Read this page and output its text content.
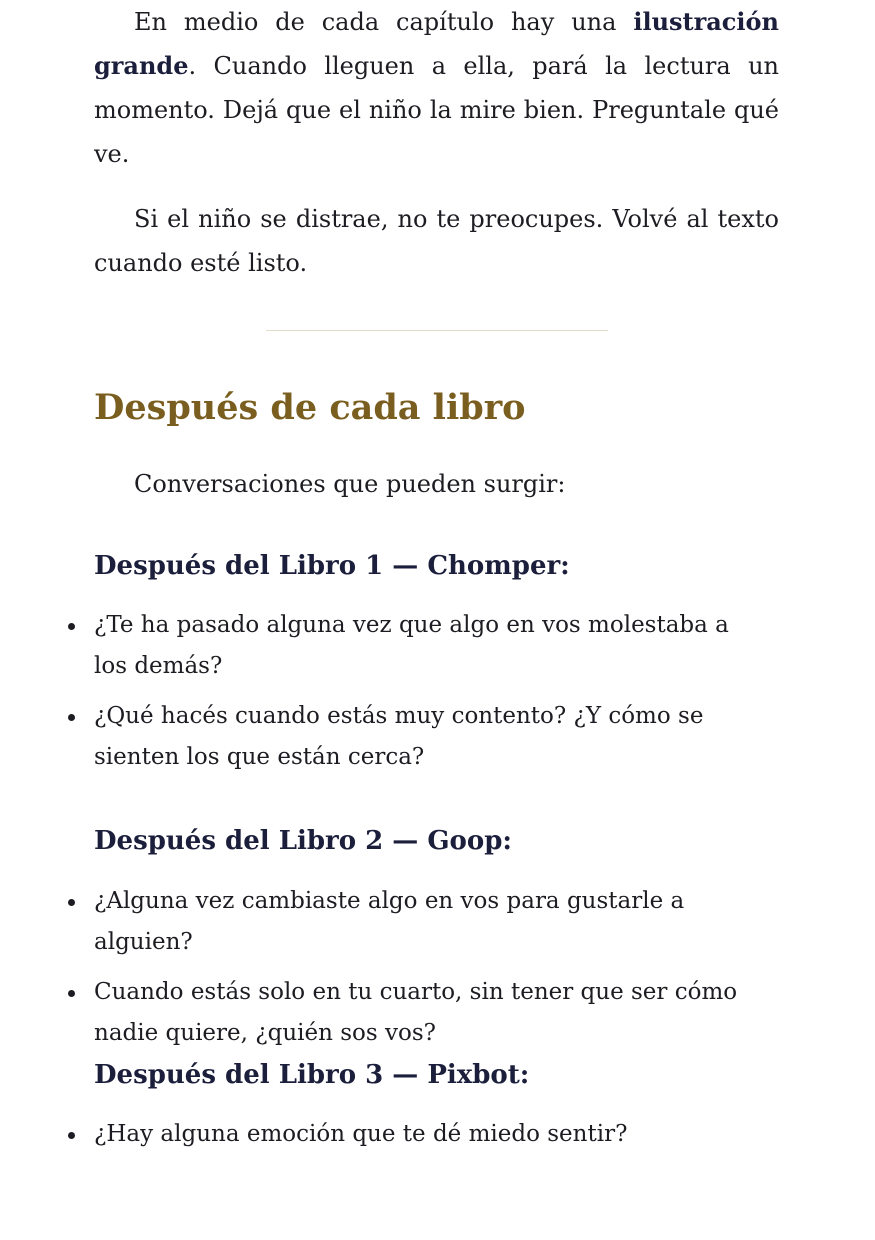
En medio de cada capítulo hay una ilustración grande. Cuando lleguen a ella, pará la lectura un momento. Dejá que el niño la mire bien. Preguntale qué ve.

Si el niño se distrae, no te preocupes. Volvé al texto cuando esté listo.

Después de cada libro

Conversaciones que pueden surgir:

Después del Libro 1 — Chomper:
¿Te ha pasado alguna vez que algo en vos molestaba a los demás?
¿Qué hacés cuando estás muy contento? ¿Y cómo se sienten los que están cerca?
Después del Libro 2 — Goop:
¿Alguna vez cambiaste algo en vos para gustarle a alguien?
Cuando estás solo en tu cuarto, sin tener que ser cómo nadie quiere, ¿quién sos vos?
Después del Libro 3 — Pixbot:
¿Hay alguna emoción que te dé miedo sentir?
